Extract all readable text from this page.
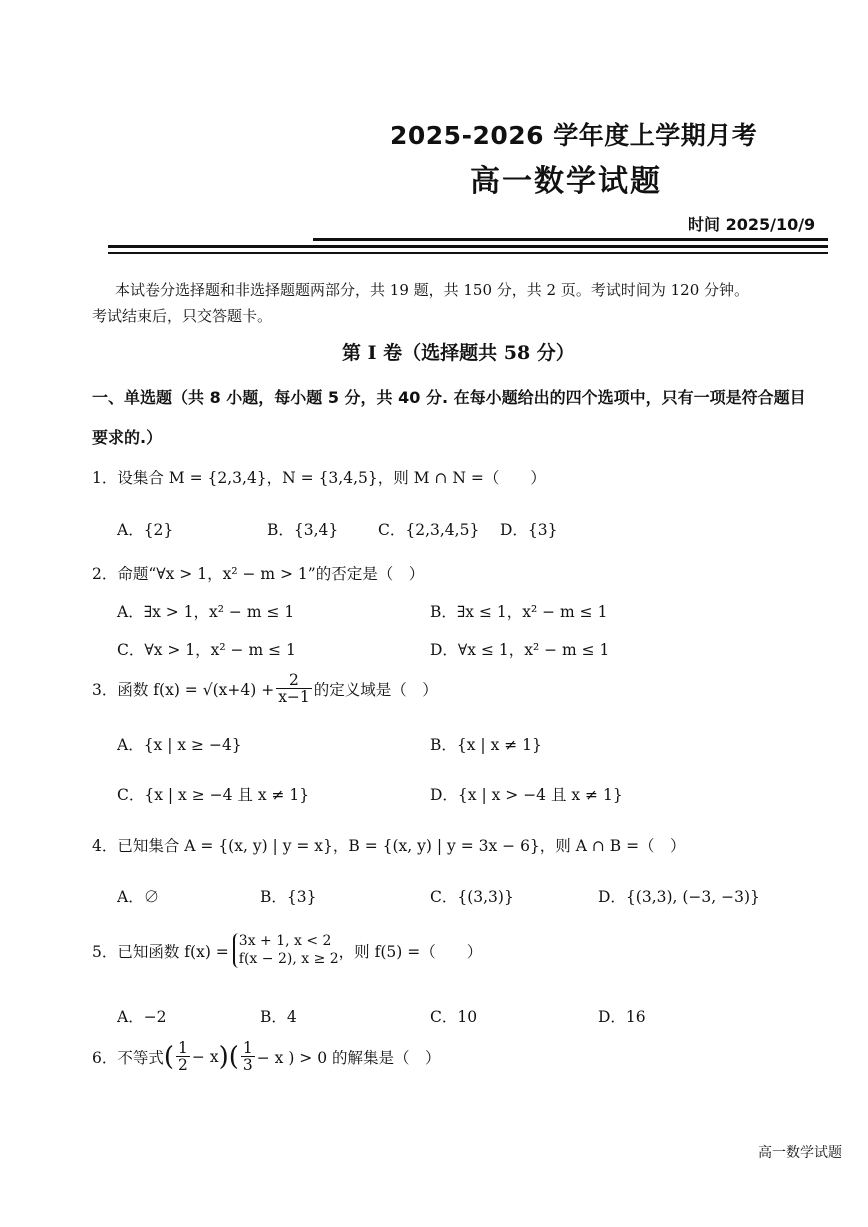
2025-2026 学年度上学期月考
高一数学试题
时间 2025/10/9
本试卷分选择题和非选择题题两部分，共 19 题，共 150 分，共 2 页。考试时间为 120 分钟。
考试结束后，只交答题卡。
第 Ⅰ 卷（选择题共 58 分）
一、单选题（共 8 小题，每小题 5 分，共 40 分. 在每小题给出的四个选项中，只有一项是符合题目
要求的.）
1．设集合 M = {2,3,4}，N = {3,4,5}，则 M ∩ N =（　　）
A．{2}	B．{3,4}	C．{2,3,4,5} D．{3}
2．命题“∀x > 1，x² − m > 1”的否定是（　）
A．∃x > 1，x² − m ≤ 1	B．∃x ≤ 1，x² − m ≤ 1
C．∀x > 1，x² − m ≤ 1	D．∀x ≤ 1，x² − m ≤ 1
3．函数 $f(x) = √(x+4) + \frac{2}{x-1}$ 的定义域是（　）
A．{x | x ≥ −4}	B．{x | x ≠ 1}
C．{x | x ≥ −4 且 x ≠ 1}	D．{x | x > −4 且 x ≠ 1}
4．已知集合 A = {(x, y) | y = x}，B = {(x, y) | y = 3x − 6}，则 A ∩ B =（　）
A．∅	B．{3}	C．{(3,3)}	D．{(3,3), (−3, −3)}
5．已知函数 f(x) =
3x + 1, x < 2
f(x − 2), x ≥ 2 ，则 f(5) =（　　）
A．−2	B．4	C．10	D．16
6．不等式 ( $\frac{1}{2} - x$ ) ( $\frac{1}{3} - x$ ) > 0 的解集是（　）
高一数学试题
